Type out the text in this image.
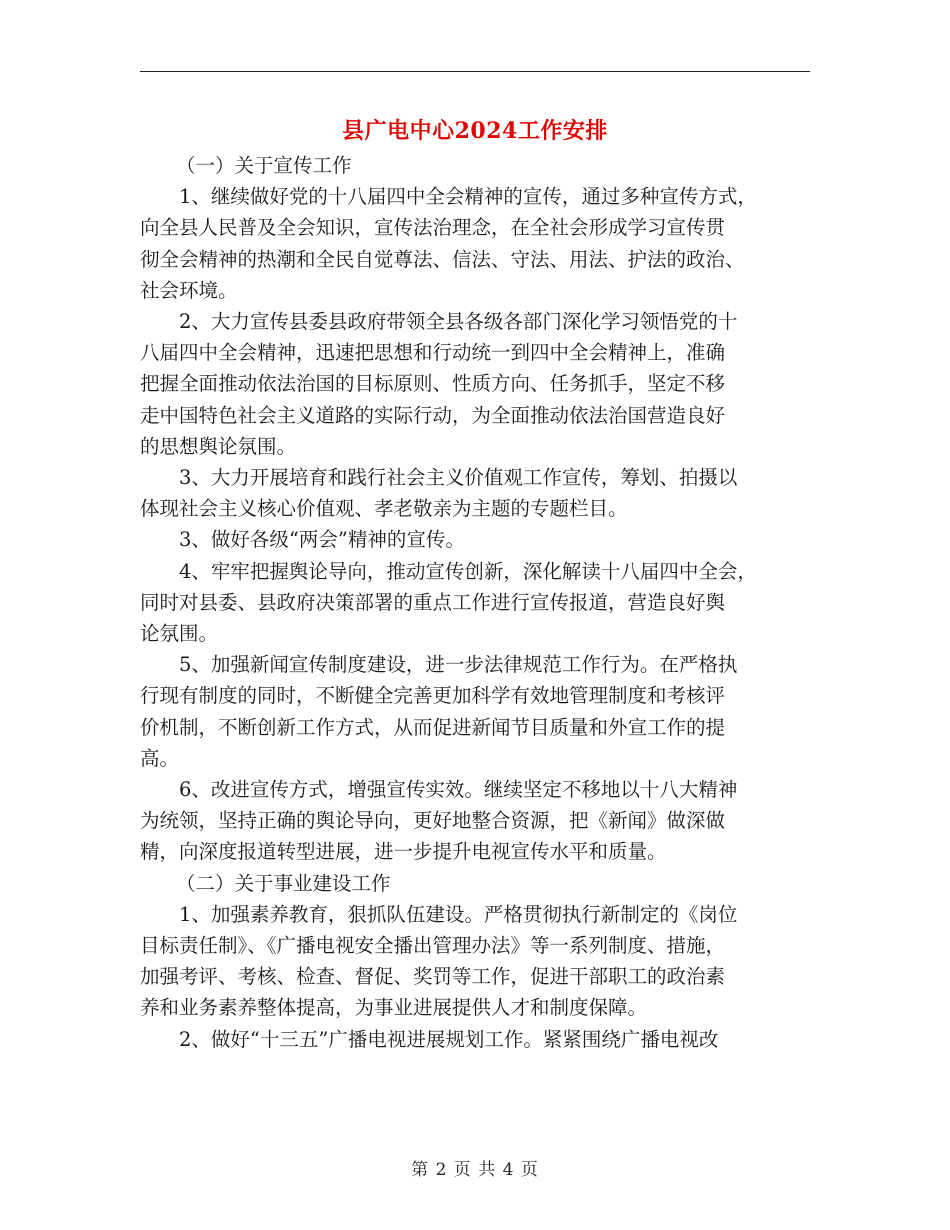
县广电中心2024工作安排

（一）关于宣传工作

1、继续做好党的十八届四中全会精神的宣传，通过多种宣传方式，
向全县人民普及全会知识，宣传法治理念，在全社会形成学习宣传贯
彻全会精神的热潮和全民自觉尊法、信法、守法、用法、护法的政治、
社会环境。

2、大力宣传县委县政府带领全县各级各部门深化学习领悟党的十
八届四中全会精神，迅速把思想和行动统一到四中全会精神上，准确
把握全面推动依法治国的目标原则、性质方向、任务抓手，坚定不移
走中国特色社会主义道路的实际行动，为全面推动依法治国营造良好
的思想舆论氛围。

3、大力开展培育和践行社会主义价值观工作宣传，筹划、拍摄以
体现社会主义核心价值观、孝老敬亲为主题的专题栏目。

3、做好各级“两会”精神的宣传。

4、牢牢把握舆论导向，推动宣传创新，深化解读十八届四中全会，
同时对县委、县政府决策部署的重点工作进行宣传报道，营造良好舆
论氛围。

5、加强新闻宣传制度建设，进一步法律规范工作行为。在严格执
行现有制度的同时，不断健全完善更加科学有效地管理制度和考核评
价机制，不断创新工作方式，从而促进新闻节目质量和外宣工作的提
高。

6、改进宣传方式，增强宣传实效。继续坚定不移地以十八大精神
为统领，坚持正确的舆论导向，更好地整合资源，把《新闻》做深做
精，向深度报道转型进展，进一步提升电视宣传水平和质量。

（二）关于事业建设工作

1、加强素养教育，狠抓队伍建设。严格贯彻执行新制定的《岗位
目标责任制》、《广播电视安全播出管理办法》等一系列制度、措施，
加强考评、考核、检查、督促、奖罚等工作，促进干部职工的政治素
养和业务素养整体提高，为事业进展提供人才和制度保障。

2、做好“十三五”广播电视进展规划工作。紧紧围绕广播电视改

第 2 页 共 4 页
